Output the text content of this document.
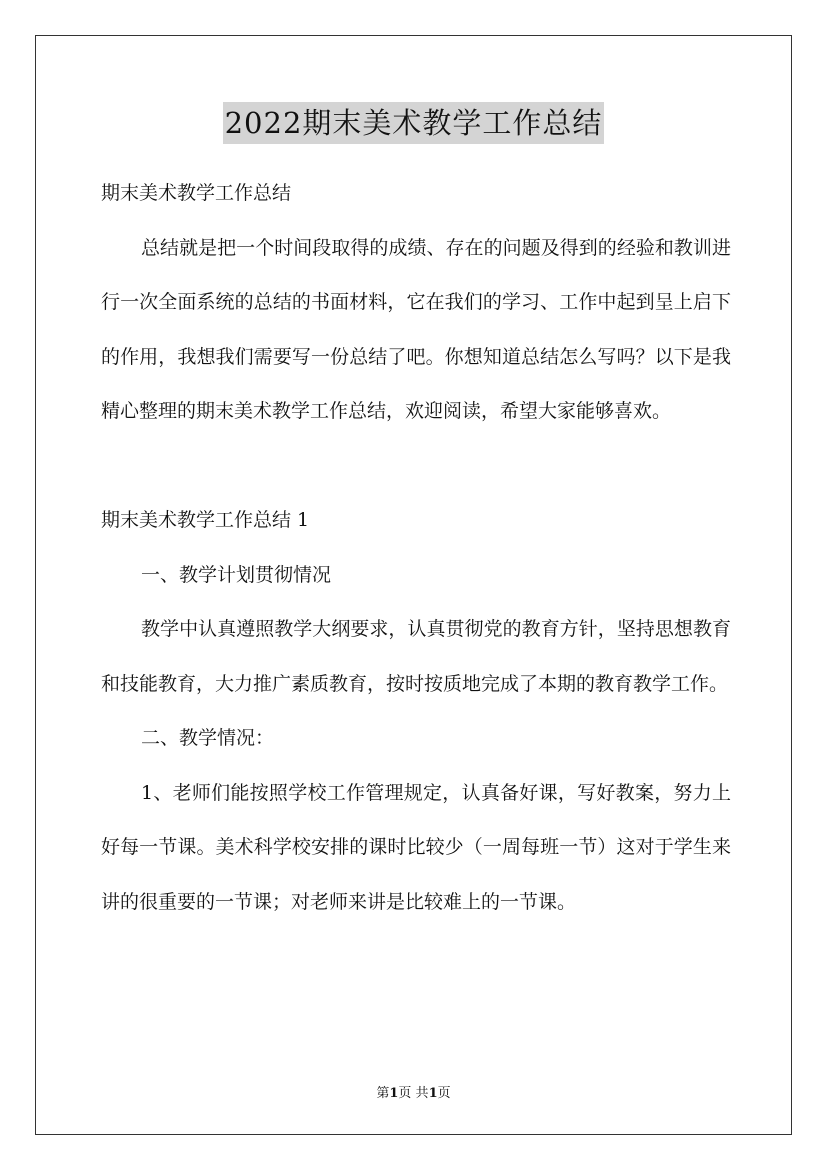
2022期末美术教学工作总结

期末美术教学工作总结

总结就是把一个时间段取得的成绩、存在的问题及得到的经验和教训进行一次全面系统的总结的书面材料，它在我们的学习、工作中起到呈上启下的作用，我想我们需要写一份总结了吧。你想知道总结怎么写吗？以下是我精心整理的期末美术教学工作总结，欢迎阅读，希望大家能够喜欢。

期末美术教学工作总结 1

一、教学计划贯彻情况

教学中认真遵照教学大纲要求，认真贯彻党的教育方针，坚持思想教育和技能教育，大力推广素质教育，按时按质地完成了本期的教育教学工作。

二、教学情况：

1、老师们能按照学校工作管理规定，认真备好课，写好教案，努力上好每一节课。美术科学校安排的课时比较少（一周每班一节）这对于学生来讲的很重要的一节课；对老师来讲是比较难上的一节课。

第1页 共1页
